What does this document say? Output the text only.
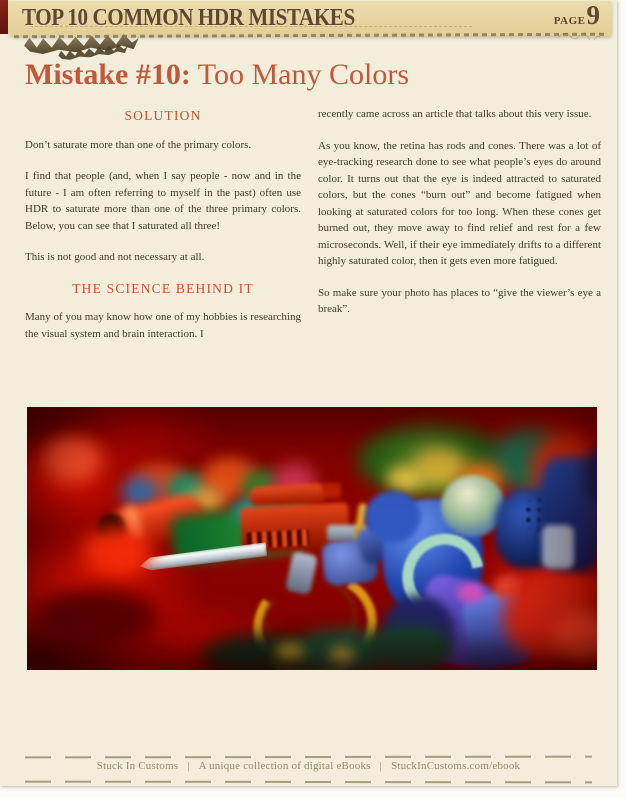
TOP 10 COMMON HDR MISTAKES	PAGE 9
Mistake #10: Too Many Colors
SOLUTION

Don’t saturate more than one of the primary colors.

I find that people (and, when I say people - now and in the future - I am often referring to myself in the past) often use HDR to saturate more than one of the three primary colors. Below, you can see that I saturated all three!

This is not good and not necessary at all.

THE SCIENCE BEHIND IT

Many of you may know how one of my hobbies is researching the visual system and brain interaction. I

recently came across an article that talks about this very issue.

As you know, the retina has rods and cones. There was a lot of eye-tracking research done to see what people’s eyes do around color. It turns out that the eye is indeed attracted to saturated colors, but the cones “burn out” and become fatigued when looking at saturated colors for too long. When these cones get burned out, they move away to find relief and rest for a few microseconds. Well, if their eye immediately drifts to a different highly saturated color, then it gets even more fatigued.

So make sure your photo has places to “give the viewer’s eye a break”.

Stuck In Customs | A unique collection of digital eBooks | StuckInCustoms.com/ebook
